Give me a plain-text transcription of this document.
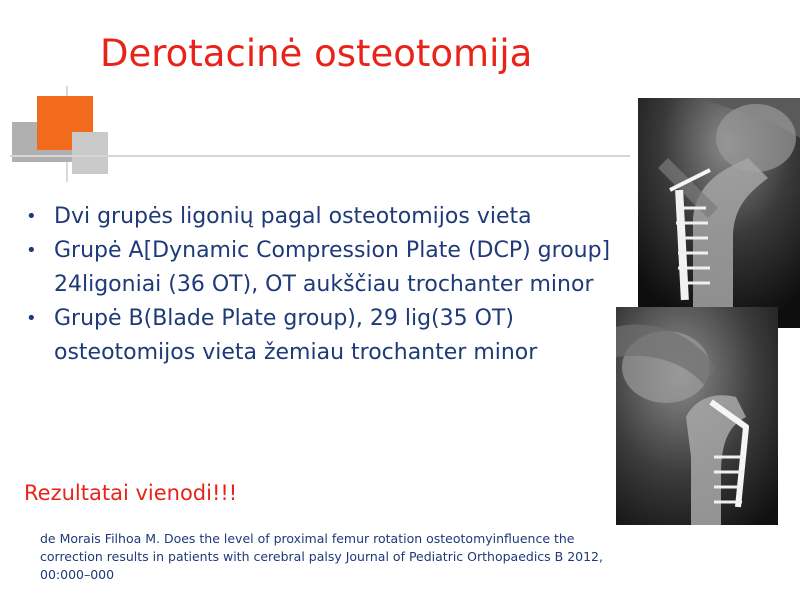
Derotacinė osteotomija
• Dvi grupės ligonių pagal osteotomijos vieta
• Grupė A[Dynamic Compression Plate (DCP) group] 24ligoniai (36 OT), OT aukščiau trochanter minor
• Grupė B(Blade Plate group), 29 lig(35 OT) osteotomijos vieta žemiau trochanter minor
Rezultatai vienodi!!!
de Morais Filhoa M. Does the level of proximal femur rotation osteotomyinfluence the
correction results in patients with cerebral palsy Journal of Pediatric Orthopaedics B 2012,
00:000–000
